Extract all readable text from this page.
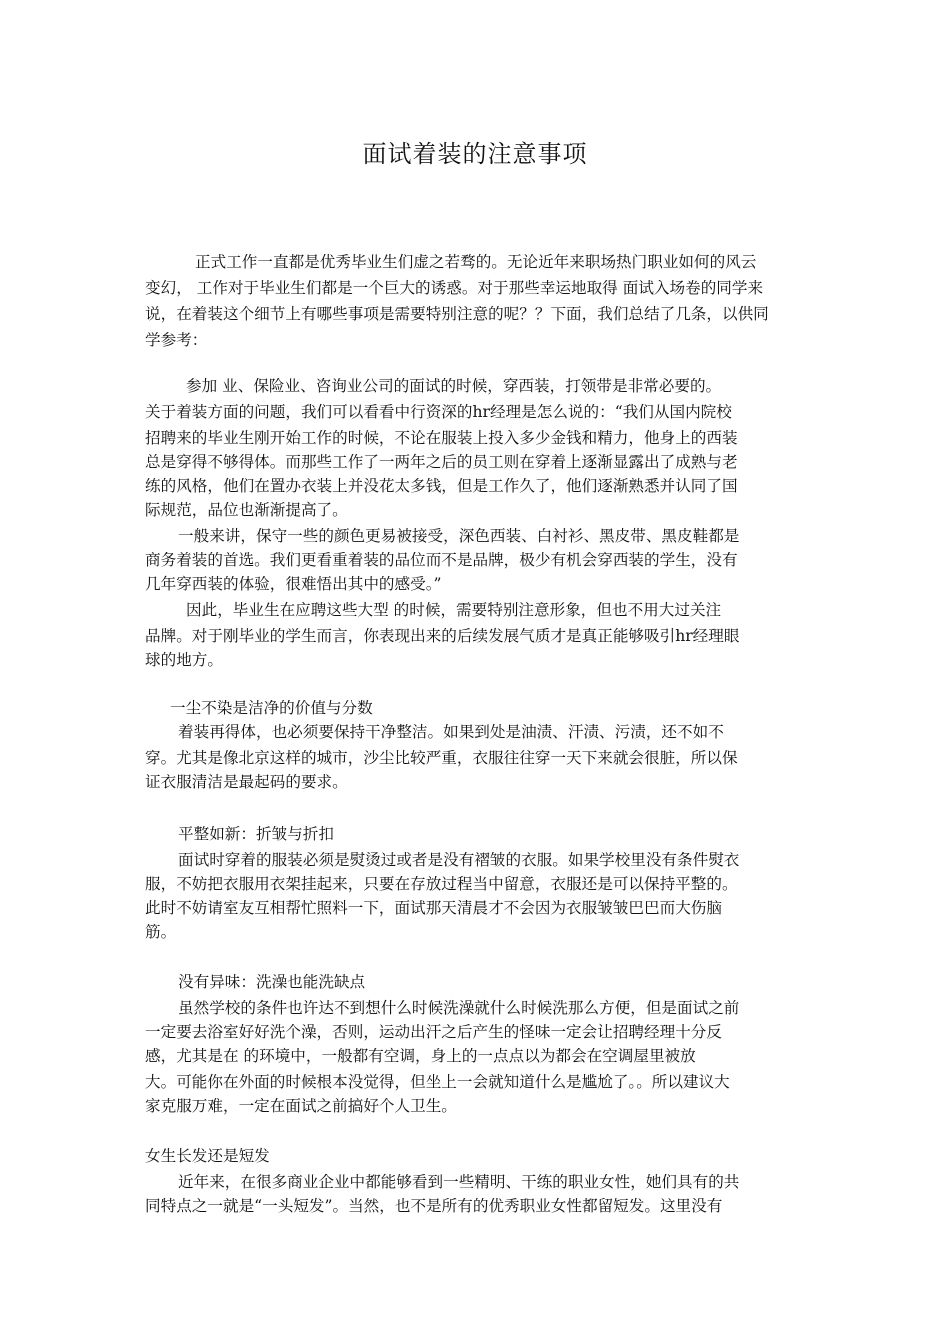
面试着装的注意事项
正式工作一直都是优秀毕业生们虚之若骛的。无论近年来职场热门职业如何的风云
变幻， 工作对于毕业生们都是一个巨大的诱惑。对于那些幸运地取得 面试入场卷的同学来
说，在着装这个细节上有哪些事项是需要特别注意的呢？？下面，我们总结了几条，以供同
学参考：
参加 业、保险业、咨询业公司的面试的时候，穿西装，打领带是非常必要的。
关于着装方面的问题，我们可以看看中行资深的hr经理是怎么说的：“我们从国内院校
招聘来的毕业生刚开始工作的时候，不论在服装上投入多少金钱和精力，他身上的西装
总是穿得不够得体。而那些工作了一两年之后的员工则在穿着上逐渐显露出了成熟与老
练的风格，他们在置办衣装上并没花太多钱，但是工作久了，他们逐渐熟悉并认同了国
际规范，品位也渐渐提高了。
一般来讲，保守一些的颜色更易被接受，深色西装、白衬衫、黑皮带、黑皮鞋都是
商务着装的首选。我们更看重着装的品位而不是品牌，极少有机会穿西装的学生，没有
几年穿西装的体验，很难悟出其中的感受。”
因此，毕业生在应聘这些大型 的时候，需要特别注意形象，但也不用大过关注
品牌。对于刚毕业的学生而言，你表现出来的后续发展气质才是真正能够吸引hr经理眼
球的地方。
一尘不染是洁净的价值与分数
着装再得体，也必须要保持干净整洁。如果到处是油渍、汗渍、污渍，还不如不
穿。尤其是像北京这样的城市，沙尘比较严重，衣服往往穿一天下来就会很脏，所以保
证衣服清洁是最起码的要求。
平整如新：折皱与折扣
面试时穿着的服装必须是熨烫过或者是没有褶皱的衣服。如果学校里没有条件熨衣
服，不妨把衣服用衣架挂起来，只要在存放过程当中留意，衣服还是可以保持平整的。
此时不妨请室友互相帮忙照料一下，面试那天清晨才不会因为衣服皱皱巴巴而大伤脑
筋。
没有异味：洗澡也能洗缺点
虽然学校的条件也许达不到想什么时候洗澡就什么时候洗那么方便，但是面试之前
一定要去浴室好好洗个澡，否则，运动出汗之后产生的怪味一定会让招聘经理十分反
感，尤其是在 的环境中，一般都有空调，身上的一点点以为都会在空调屋里被放
大。可能你在外面的时候根本没觉得，但坐上一会就知道什么是尴尬了。。所以建议大
家克服万难，一定在面试之前搞好个人卫生。
女生长发还是短发
近年来，在很多商业企业中都能够看到一些精明、干练的职业女性，她们具有的共
同特点之一就是“一头短发”。当然，也不是所有的优秀职业女性都留短发。这里没有
